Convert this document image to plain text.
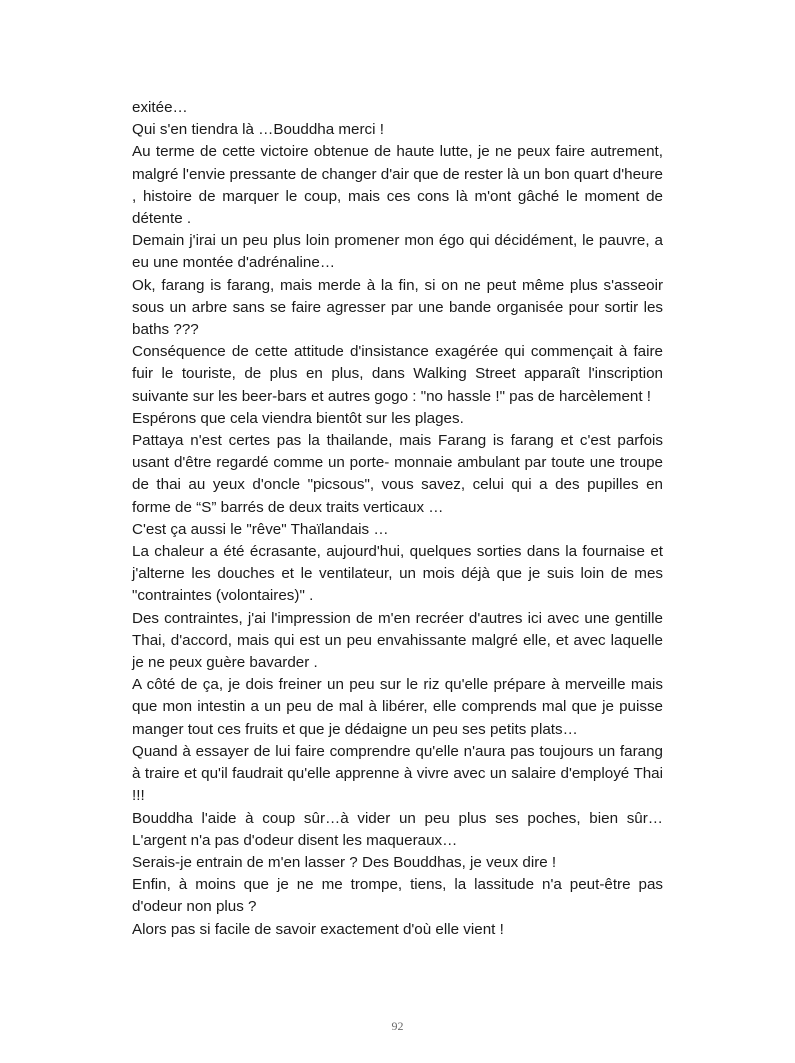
exitée…

Qui s'en tiendra là …Bouddha merci !

Au terme de cette victoire obtenue de haute lutte, je ne peux faire autrement, malgré l'envie pressante de changer d'air que de rester là un bon quart d'heure , histoire de marquer le coup, mais ces cons là m'ont gâché le moment de détente .

Demain j'irai un peu plus loin promener mon égo qui décidément, le pauvre, a eu une montée d'adrénaline…

Ok, farang is farang, mais merde à la fin, si on ne peut même plus s'asseoir sous un arbre sans se faire agresser par une bande organisée pour sortir les baths ???

Conséquence de cette attitude d'insistance exagérée qui commençait à faire fuir le touriste, de plus en plus, dans Walking Street apparaît l'inscription suivante sur les beer-bars et autres gogo : "no hassle !" pas de harcèlement !

Espérons que cela viendra bientôt sur les plages.

Pattaya n'est certes pas la thailande, mais Farang is farang et c'est parfois usant d'être regardé comme un porte- monnaie ambulant par toute une troupe de thai au yeux d'oncle "picsous", vous savez, celui qui a des pupilles en forme de “S” barrés de deux traits verticaux …

C'est ça aussi le "rêve" Thaïlandais …

La chaleur a été écrasante, aujourd'hui, quelques sorties dans la fournaise et j'alterne les douches et le ventilateur, un mois déjà que je suis loin de mes "contraintes (volontaires)" .

Des contraintes, j'ai l'impression de m'en recréer d'autres ici avec une gentille Thai, d'accord, mais qui est un peu envahissante malgré elle, et avec laquelle je ne peux guère bavarder .

A côté de ça, je dois freiner un peu sur le riz qu'elle prépare à merveille mais que mon intestin a un peu de mal à libérer, elle comprends mal que je puisse manger tout ces fruits et que je dédaigne un peu ses petits plats…

Quand à essayer de lui faire comprendre qu'elle n'aura pas toujours un farang à traire et qu'il faudrait qu'elle apprenne à vivre avec un salaire d'employé Thai !!!

Bouddha l'aide à coup sûr…à vider un peu plus ses poches, bien sûr…L'argent n'a pas d'odeur disent les maqueraux…

Serais-je entrain de m'en lasser ? Des Bouddhas, je veux dire !

Enfin, à moins que je ne me trompe, tiens, la lassitude n'a peut-être pas d'odeur non plus ?

Alors pas si facile de savoir exactement d'où elle vient !

92
